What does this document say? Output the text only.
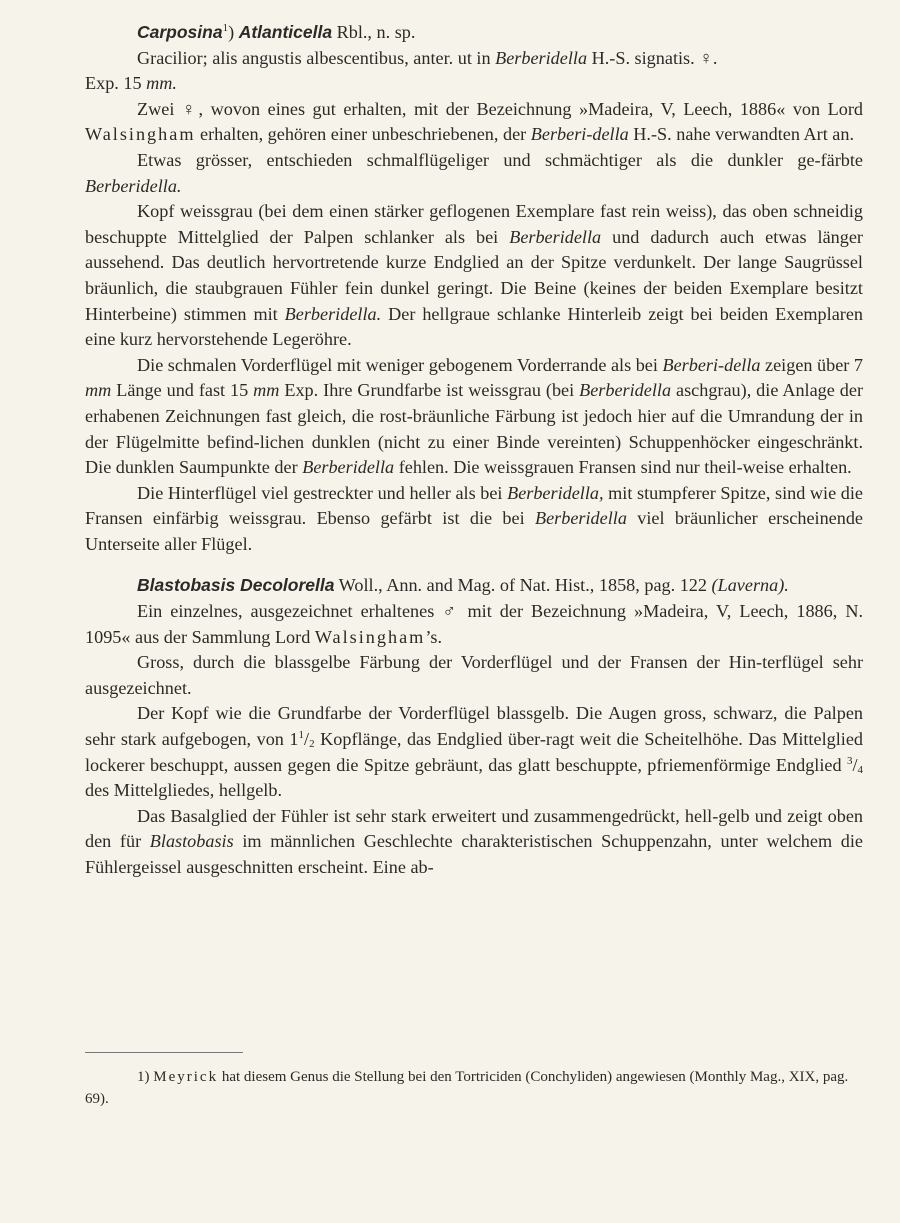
Carposina$^1$) Atlanticella Rbl., n. sp.

Gracilior; alis angustis albescentibus, anter. ut in Berberidella H.-S. signatis. ♀.

Exp. 15 mm.

Zwei ♀, wovon eines gut erhalten, mit der Bezeichnung »Madeira, V, Leech, 1886« von Lord Walsingham erhalten, gehören einer unbeschriebenen, der Berberi-della H.-S. nahe verwandten Art an.

Etwas grösser, entschieden schmalflügeliger und schmächtiger als die dunkler ge-färbte Berberidella.

Kopf weissgrau (bei dem einen stärker geflogenen Exemplare fast rein weiss), das oben schneidig beschuppte Mittelglied der Palpen schlanker als bei Berberidella und dadurch auch etwas länger aussehend. Das deutlich hervortretende kurze Endglied an der Spitze verdunkelt. Der lange Saugrüssel bräunlich, die staubgrauen Fühler fein dunkel geringt. Die Beine (keines der beiden Exemplare besitzt Hinterbeine) stimmen mit Berberidella. Der hellgraue schlanke Hinterleib zeigt bei beiden Exemplaren eine kurz hervorstehende Legeröhre.

Die schmalen Vorderflügel mit weniger gebogenem Vorderrande als bei Berberi-della zeigen über 7 mm Länge und fast 15 mm Exp. Ihre Grundfarbe ist weissgrau (bei Berberidella aschgrau), die Anlage der erhabenen Zeichnungen fast gleich, die rost-bräunliche Färbung ist jedoch hier auf die Umrandung der in der Flügelmitte befind-lichen dunklen (nicht zu einer Binde vereinten) Schuppenhöcker eingeschränkt. Die dunklen Saumpunkte der Berberidella fehlen. Die weissgrauen Fransen sind nur theil-weise erhalten.

Die Hinterflügel viel gestreckter und heller als bei Berberidella, mit stumpferer Spitze, sind wie die Fransen einfärbig weissgrau. Ebenso gefärbt ist die bei Berberidella viel bräunlicher erscheinende Unterseite aller Flügel.

Blastobasis Decolorella Woll., Ann. and Mag. of Nat. Hist., 1858, pag. 122 (Laverna).

Ein einzelnes, ausgezeichnet erhaltenes ♂ mit der Bezeichnung »Madeira, V, Leech, 1886, N. 1095« aus der Sammlung Lord Walsingham’s.

Gross, durch die blassgelbe Färbung der Vorderflügel und der Fransen der Hin-terflügel sehr ausgezeichnet.

Der Kopf wie die Grundfarbe der Vorderflügel blassgelb. Die Augen gross, schwarz, die Palpen sehr stark aufgebogen, von $1^1/_2$ Kopflänge, das Endglied über-ragt weit die Scheitelhöhe. Das Mittelglied lockerer beschuppt, aussen gegen die Spitze gebräunt, das glatt beschuppte, pfriemenförmige Endglied $^3/_4$ des Mittelgliedes, hellgelb.

Das Basalglied der Fühler ist sehr stark erweitert und zusammengedrückt, hell-gelb und zeigt oben den für Blastobasis im männlichen Geschlechte charakteristischen Schuppenzahn, unter welchem die Fühlergeissel ausgeschnitten erscheint. Eine ab-

1) Meyrick hat diesem Genus die Stellung bei den Tortriciden (Conchyliden) angewiesen (Monthly Mag., XIX, pag. 69).
